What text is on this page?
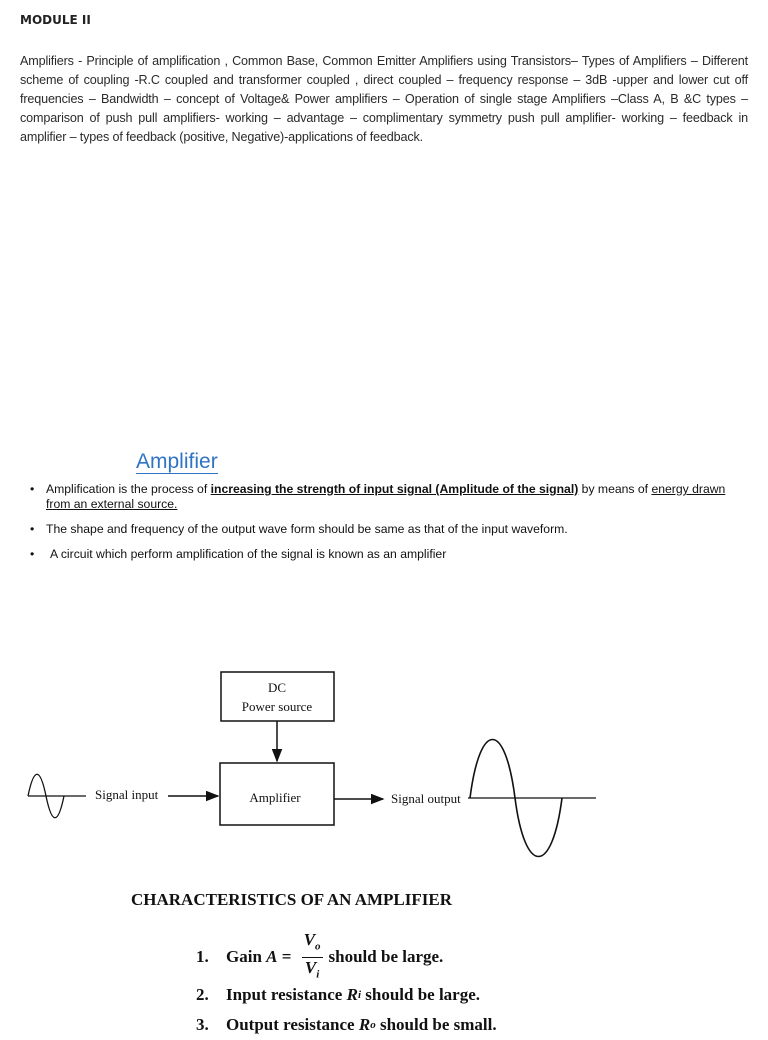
MODULE II

Amplifiers - Principle of amplification , Common Base, Common Emitter Amplifiers using Transistors– Types of Amplifiers – Different scheme of coupling -R.C coupled and transformer coupled , direct coupled – frequency response – 3dB -upper and lower cut off frequencies – Bandwidth – concept of Voltage& Power amplifiers – Operation of single stage Amplifiers –Class A, B &C types –comparison of push pull amplifiers- working – advantage – complimentary symmetry push pull amplifier- working – feedback in amplifier – types of feedback (positive, Negative)-applications of feedback.

Amplifier
• Amplification is the process of increasing the strength of input signal (Amplitude of the signal) by means of energy drawn from an external source.
• The shape and frequency of the output wave form should be same as that of the input waveform.
• A circuit which perform amplification of the signal is known as an amplifier
DC
Power source
Amplifier
Signal input	Signal output
CHARACTERISTICS OF AN AMPLIFIER
1.	Gain $A = \frac{V_o}{V_i}$ should be large.
2.	Input resistance R i should be large.
3.	Output resistance R o should be small.
